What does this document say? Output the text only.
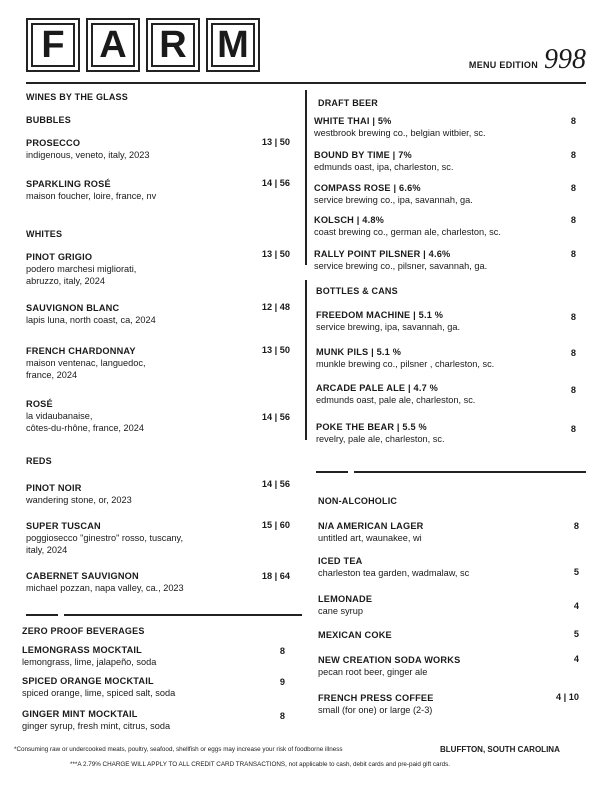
F A R M	MENU EDITION 998
WINES BY THE GLASS
BUBBLES
PROSECCO
indigenous, veneto, italy, 2023
13 | 50
SPARKLING ROSÉ
maison foucher, loire, france, nv
14 | 56
WHITES
PINOT GRIGIO
podero marchesi migliorati,
abruzzo, italy, 2024
13 | 50
SAUVIGNON BLANC
lapis luna, north coast, ca, 2024
12 | 48
FRENCH CHARDONNAY
maison ventenac, languedoc,
france, 2024
13 | 50
ROSÉ
la vidaubanaise,
côtes-du-rhône, france, 2024
14 | 56
REDS
PINOT NOIR
wandering stone, or, 2023
14 | 56
SUPER TUSCAN
poggiosecco "ginestro" rosso, tuscany,
italy, 2024
15 | 60
CABERNET SAUVIGNON
michael pozzan, napa valley, ca., 2023
18 | 64
ZERO PROOF BEVERAGES
LEMONGRASS MOCKTAIL
lemongrass, lime, jalapeño, soda
8
SPICED ORANGE MOCKTAIL
spiced orange, lime, spiced salt, soda
9
GINGER MINT MOCKTAIL
ginger syrup, fresh mint, citrus, soda
8
DRAFT BEER
WHITE THAI | 5%
westbrook brewing co., belgian witbier, sc.
8
BOUND BY TIME | 7%
edmunds oast, ipa, charleston, sc.
8
COMPASS ROSE | 6.6%
service brewing co., ipa, savannah, ga.
8
KOLSCH | 4.8%
coast brewing co., german ale, charleston, sc.
8
RALLY POINT PILSNER | 4.6%
service brewing co., pilsner, savannah, ga.
8
BOTTLES & CANS
FREEDOM MACHINE | 5.1 %
service brewing, ipa, savannah, ga.
8
MUNK PILS | 5.1 %
munkle brewing co., pilsner , charleston, sc.
8
ARCADE PALE ALE | 4.7 %
edmunds oast, pale ale, charleston, sc.
8
POKE THE BEAR | 5.5 %
revelry, pale ale, charleston, sc.
8
NON-ALCOHOLIC
N/A AMERICAN LAGER
untitled art, waunakee, wi
8
ICED TEA
charleston tea garden, wadmalaw, sc	5
LEMONADE
cane syrup	4
MEXICAN COKE	5
NEW CREATION SODA WORKS
pecan root beer, ginger ale
4
FRENCH PRESS COFFEE
small (for one) or large (2-3)
4 | 10
*Consuming raw or undercooked meats, poultry, seafood, shellfish or eggs may increase your risk of foodborne illness	BLUFFTON, SOUTH CAROLINA
***A 2.79% CHARGE WILL APPLY TO ALL CREDIT CARD TRANSACTIONS, not applicable to cash, debit cards and pre-paid gift cards.
